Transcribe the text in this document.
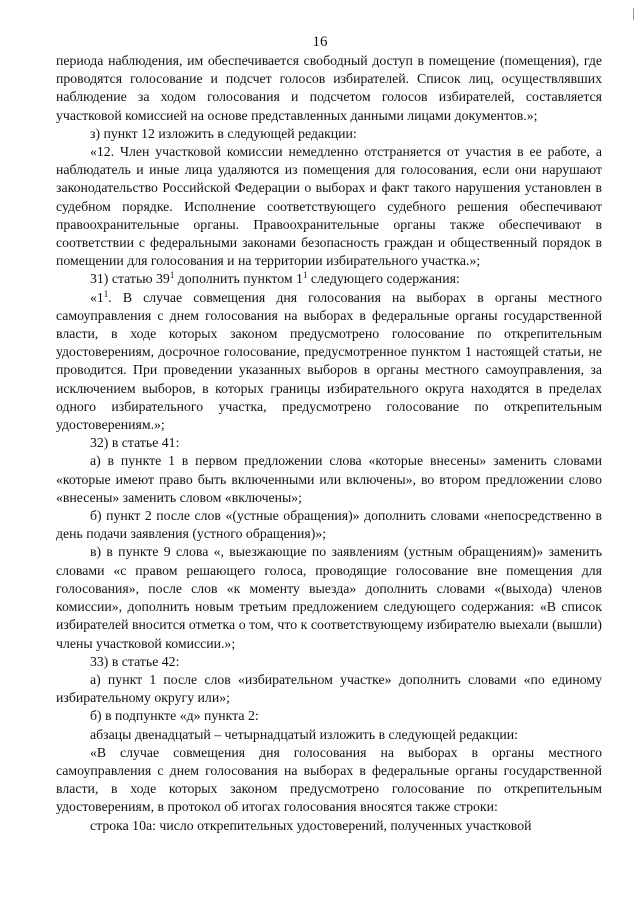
16

периода наблюдения, им обеспечивается свободный доступ в помещение (помещения), где проводятся голосование и подсчет голосов избирателей. Список лиц, осуществлявших наблюдение за ходом голосования и подсчетом голосов избирателей, составляется участковой комиссией на основе представленных данными лицами документов.»;

з) пункт 12 изложить в следующей редакции:

«12. Член участковой комиссии немедленно отстраняется от участия в ее работе, а наблюдатель и иные лица удаляются из помещения для голосования, если они нарушают законодательство Российской Федерации о выборах и факт такого нарушения установлен в судебном порядке. Исполнение соответствующего судебного решения обеспечивают правоохранительные органы. Правоохранительные органы также обеспечивают в соответствии с федеральными законами безопасность граждан и общественный порядок в помещении для голосования и на территории избирательного участка.»;

31) статью $39^1$ дополнить пунктом $1^1$ следующего содержания:

«$1^1$. В случае совмещения дня голосования на выборах в органы местного самоуправления с днем голосования на выборах в федеральные органы государственной власти, в ходе которых законом предусмотрено голосование по открепительным удостоверениям, досрочное голосование, предусмотренное пунктом 1 настоящей статьи, не проводится. При проведении указанных выборов в органы местного самоуправления, за исключением выборов, в которых границы избирательного округа находятся в пределах одного избирательного участка, предусмотрено голосование по открепительным удостоверениям.»;

32) в статье 41:

а) в пункте 1 в первом предложении слова «которые внесены» заменить словами «которые имеют право быть включенными или включены», во втором предложении слово «внесены» заменить словом «включены»;

б) пункт 2 после слов «(устные обращения)» дополнить словами «непосредственно в день подачи заявления (устного обращения)»;

в) в пункте 9 слова «, выезжающие по заявлениям (устным обращениям)» заменить словами «с правом решающего голоса, проводящие голосование вне помещения для голосования», после слов «к моменту выезда» дополнить словами «(выхода) членов комиссии», дополнить новым третьим предложением следующего содержания: «В список избирателей вносится отметка о том, что к соответствующему избирателю выехали (вышли) члены участковой комиссии.»;

33) в статье 42:

а) пункт 1 после слов «избирательном участке» дополнить словами «по единому избирательному округу или»;

б) в подпункте «д» пункта 2:

абзацы двенадцатый – четырнадцатый изложить в следующей редакции:

«В случае совмещения дня голосования на выборах в органы местного самоуправления с днем голосования на выборах в федеральные органы государственной власти, в ходе которых законом предусмотрено голосование по открепительным удостоверениям, в протокол об итогах голосования вносятся также строки:

строка 10а: число открепительных удостоверений, полученных участковой
